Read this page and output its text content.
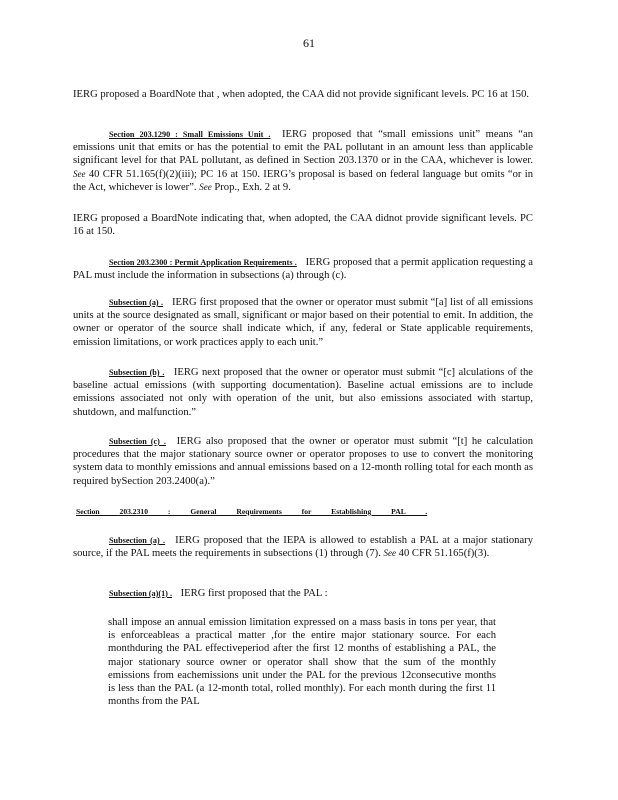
61

IERG proposed a BoardNote that , when adopted, the CAA did not provide significant levels. PC 16 at 150.

Section 203.1290 : Small Emissions Unit . IERG proposed that “small emissions unit” means “an emissions unit that emits or has the potential to emit the PAL pollutant in an amount less than applicable significant level for that PAL pollutant, as defined in Section 203.1370 or in the CAA, whichever is lower. See 40 CFR 51.165(f)(2)(iii); PC 16 at 150. IERG’s proposal is based on federal language but omits “or in the Act, whichever is lower”. See Prop., Exh. 2 at 9.

IERG proposed a BoardNote indicating that, when adopted, the CAA didnot provide significant levels. PC 16 at 150.

Section 203.2300 : Permit Application Requirements . IERG proposed that a permit application requesting a PAL must include the information in subsections (a) through (c).

Subsection (a) . IERG first proposed that the owner or operator must submit “[a] list of all emissions units at the source designated as small, significant or major based on their potential to emit. In addition, the owner or operator of the source shall indicate which, if any, federal or State applicable requirements, emission limitations, or work practices apply to each unit.”

Subsection (b) . IERG next proposed that the owner or operator must submit “[c] alculations of the baseline actual emissions (with supporting documentation). Baseline actual emissions are to include emissions associated not only with operation of the unit, but also emissions associated with startup, shutdown, and malfunction.”

Subsection (c) . IERG also proposed that the owner or operator must submit “[t] he calculation procedures that the major stationary source owner or operator proposes to use to convert the monitoring system data to monthly emissions and annual emissions based on a 12-month rolling total for each month as required bySection 203.2400(a).”

Section 203.2310 : General Requirements for Establishing PAL .

Subsection (a) . IERG proposed that the IEPA is allowed to establish a PAL at a major stationary source, if the PAL meets the requirements in subsections (1) through (7). See 40 CFR 51.165(f)(3).

Subsection (a)(1) . IERG first proposed that the PAL :

shall impose an annual emission limitation expressed on a mass basis in tons per year, that is enforceableas a practical matter ,for the entire major stationary source. For each monthduring the PAL effectiveperiod after the first 12 months of establishing a PAL, the major stationary source owner or operator shall show that the sum of the monthly emissions from eachemissions unit under the PAL for the previous 12consecutive months is less than the PAL (a 12-month total, rolled monthly). For each month during the first 11 months from the PAL
